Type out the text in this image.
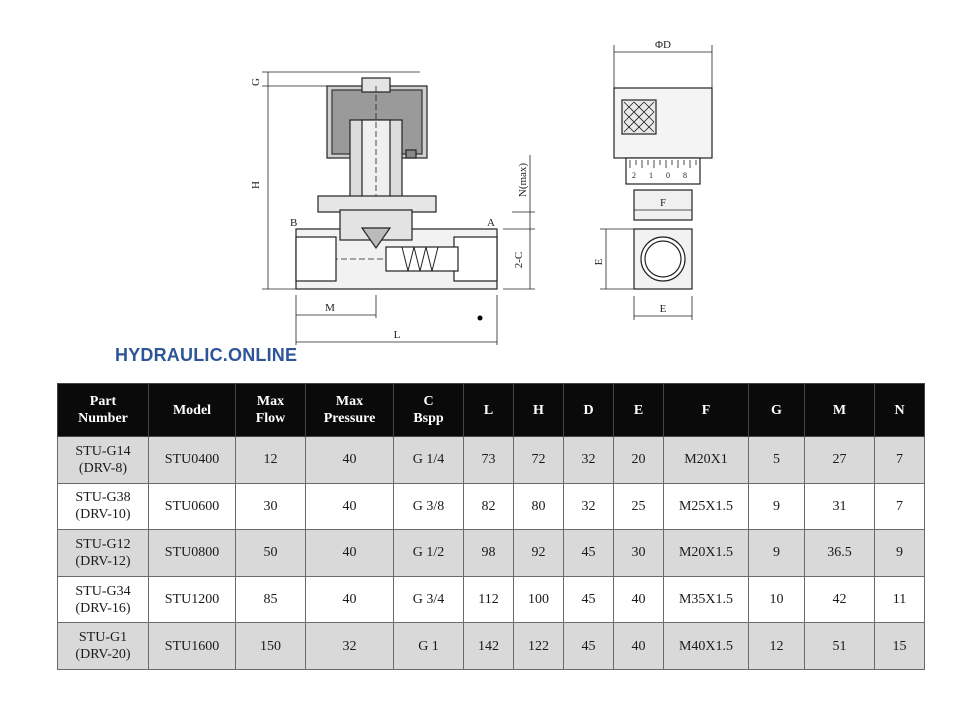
G
H
B	A
N(max)
2-C
M
L
ΦD
F
E
E
2 1 0 8
HYDRAULIC.ONLINE
Part
Number	Model	Max
Flow	Max
Pressure	C
Bspp	L	H	D	E	F	G	M	N
STU-G14
(DRV-8)	STU0400	12	40	G 1/4	73	72	32	20	M20X1	5	27	7
STU-G38
(DRV-10)	STU0600	30	40	G 3/8	82	80	32	25	M25X1.5	9	31	7
STU-G12
(DRV-12)	STU0800	50	40	G 1/2	98	92	45	30	M20X1.5	9	36.5	9
STU-G34
(DRV-16)	STU1200	85	40	G 3/4	112	100	45	40	M35X1.5	10	42	11
STU-G1
(DRV-20)	STU1600	150	32	G 1	142	122	45	40	M40X1.5	12	51	15
